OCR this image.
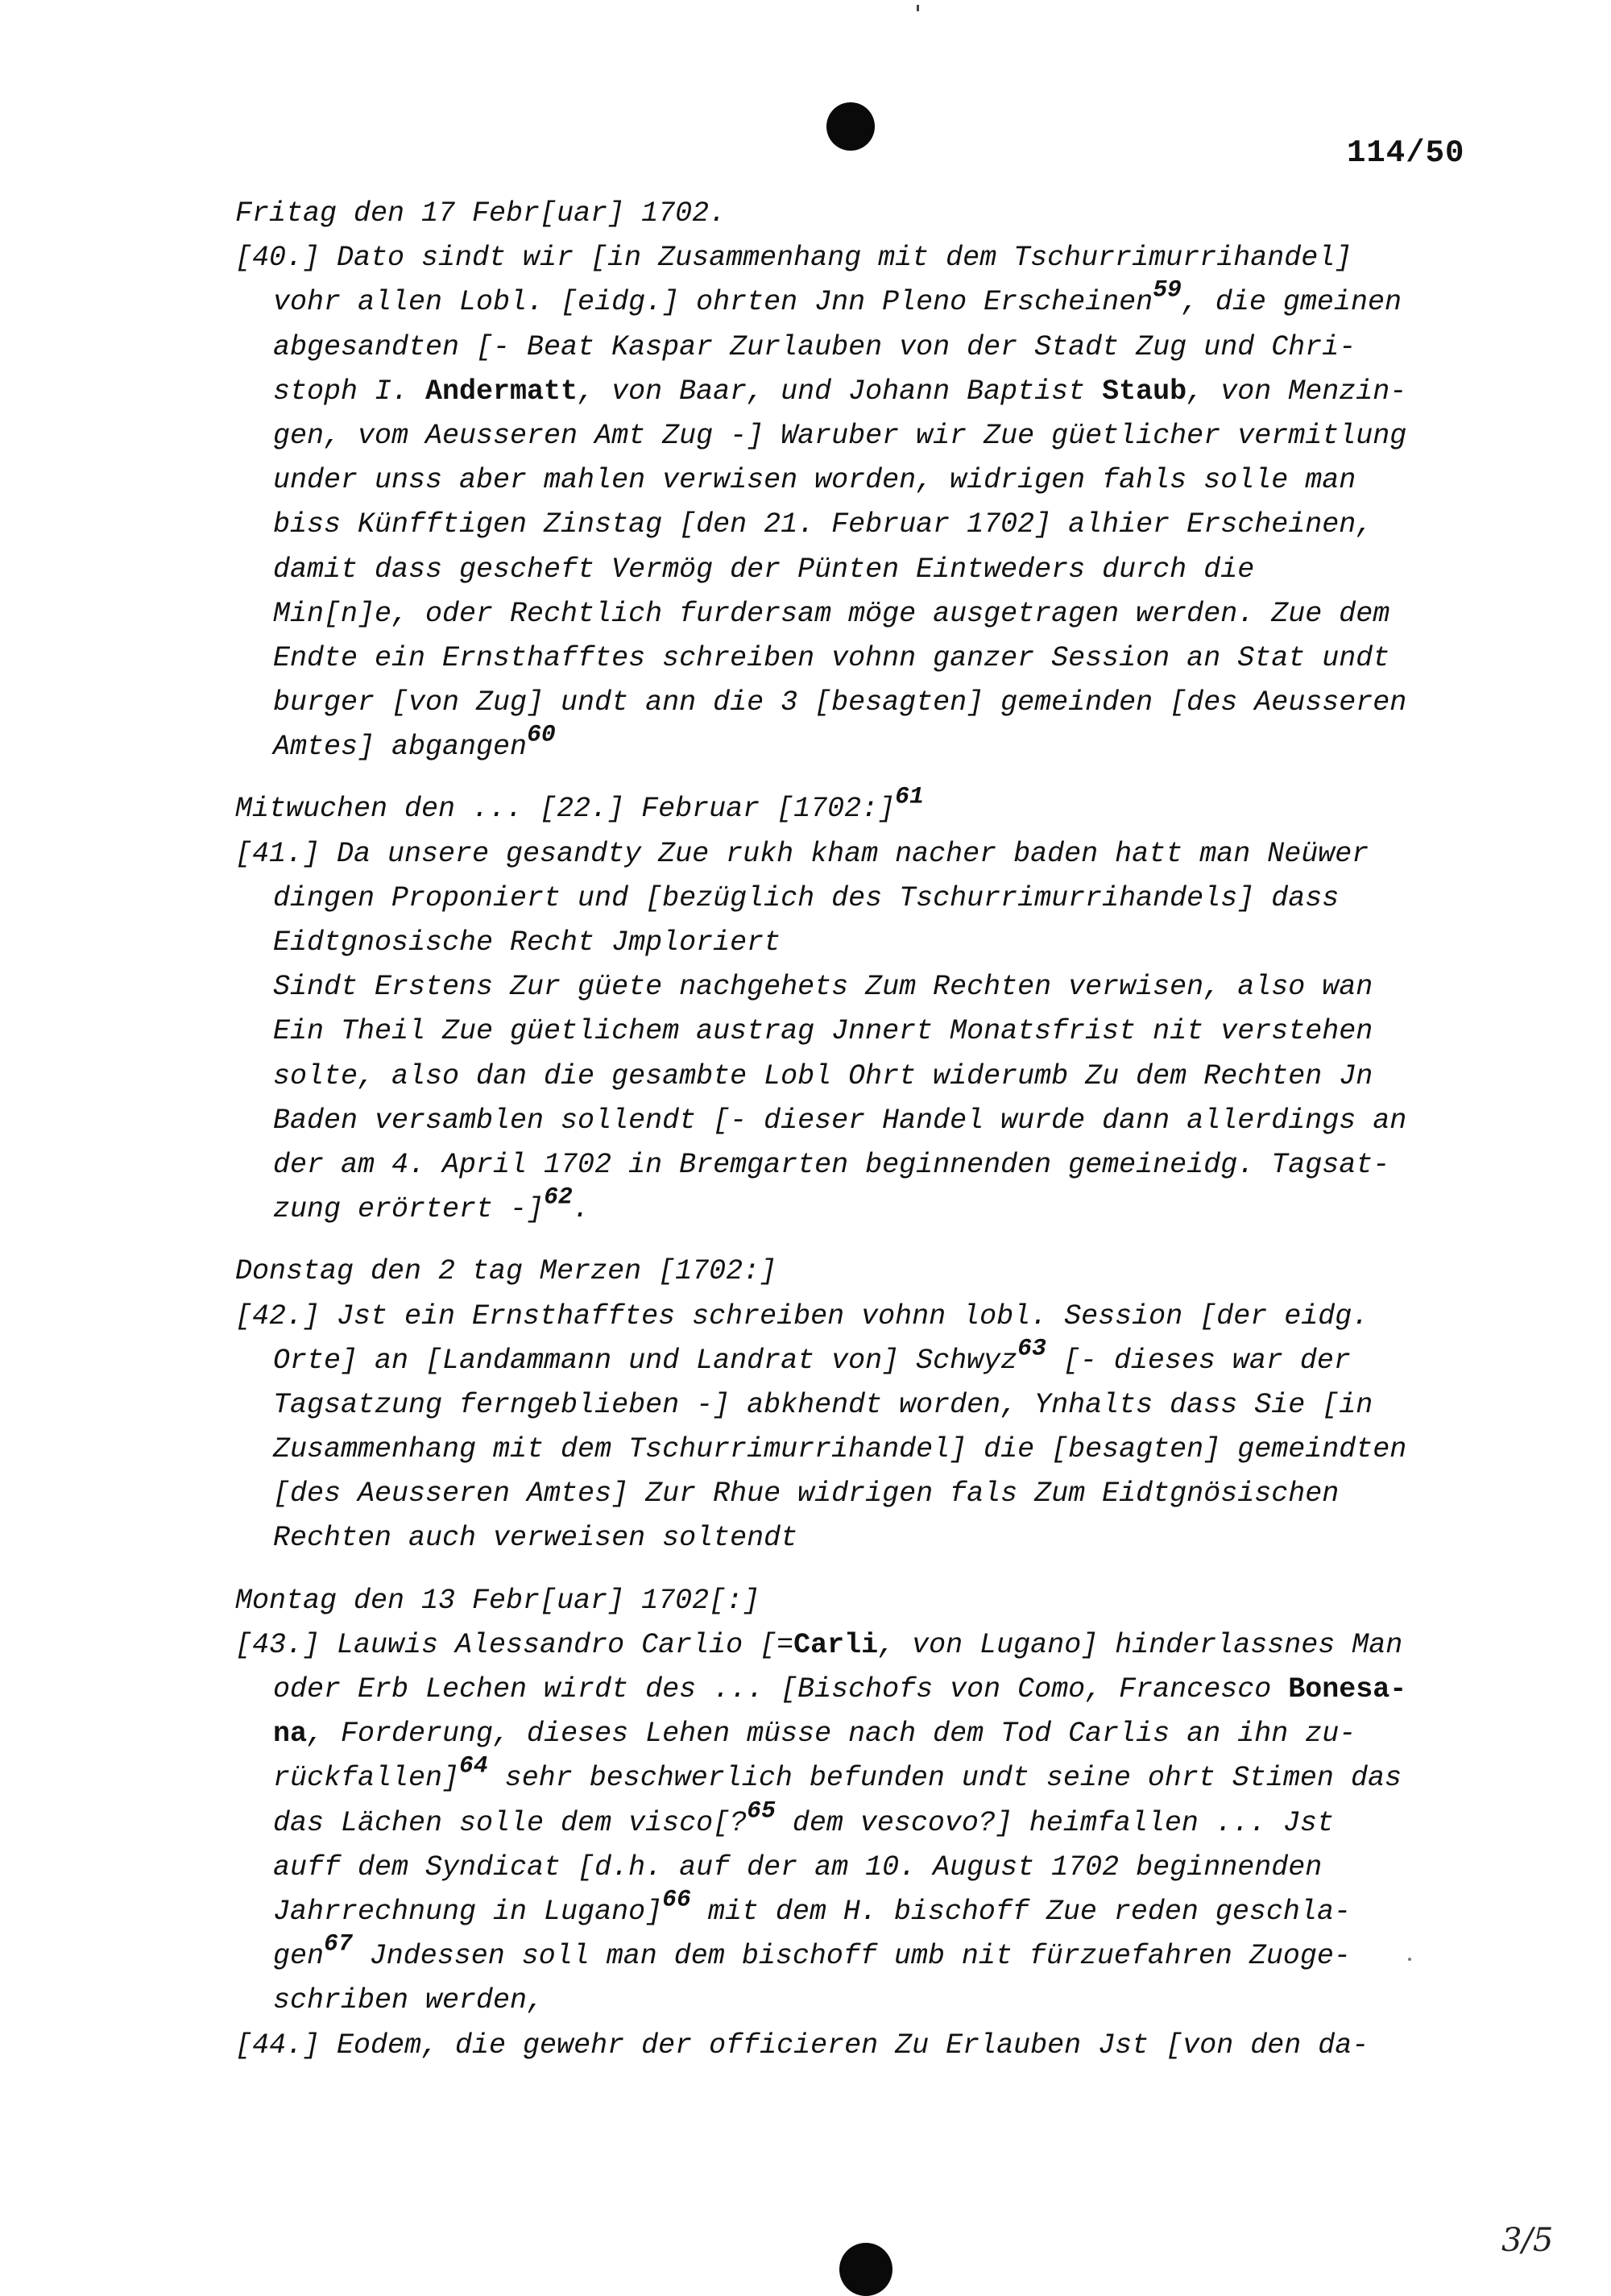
114/50
Fritag den 17 Febr[uar] 1702.
[40.] Dato sindt wir [in Zusammenhang mit dem Tschurrimurrihandel]
vohr allen Lobl. [eidg.] ohrten Jnn Pleno Erscheinen$^{59}$, die gmeinen
abgesandten [- Beat Kaspar Zurlauben von der Stadt Zug und Chri-
stoph I. Andermatt, von Baar, und Johann Baptist Staub, von Menzin-
gen, vom Aeusseren Amt Zug -] Waruber wir Zue güetlicher vermitlung
under unss aber mahlen verwisen worden, widrigen fahls solle man
biss Künfftigen Zinstag [den 21. Februar 1702] alhier Erscheinen,
damit dass gescheft Vermög der Pünten Eintweders durch die
Min[n]e, oder Rechtlich furdersam möge ausgetragen werden. Zue dem
Endte ein Ernsthafftes schreiben vohnn ganzer Session an Stat undt
burger [von Zug] undt ann die 3 [besagten] gemeinden [des Aeusseren
Amtes] abgangen$^{60}$
Mitwuchen den ... [22.] Februar [1702:]$^{61}$
[41.] Da unsere gesandty Zue rukh kham nacher baden hatt man Neüwer
dingen Proponiert und [bezüglich des Tschurrimurrihandels] dass
Eidtgnosische Recht Jmploriert
Sindt Erstens Zur güete nachgehets Zum Rechten verwisen, also wan
Ein Theil Zue güetlichem austrag Jnnert Monatsfrist nit verstehen
solte, also dan die gesambte Lobl Ohrt widerumb Zu dem Rechten Jn
Baden versamblen sollendt [- dieser Handel wurde dann allerdings an
der am 4. April 1702 in Bremgarten beginnenden gemeineidg. Tagsat-
zung erörtert -]$^{62}$.
Donstag den 2 tag Merzen [1702:]
[42.] Jst ein Ernsthafftes schreiben vohnn lobl. Session [der eidg.
Orte] an [Landammann und Landrat von] Schwyz$^{63}$ [- dieses war der
Tagsatzung ferngeblieben -] abkhendt worden, Ynhalts dass Sie [in
Zusammenhang mit dem Tschurrimurrihandel] die [besagten] gemeindten
[des Aeusseren Amtes] Zur Rhue widrigen fals Zum Eidtgnösischen
Rechten auch verweisen soltendt
Montag den 13 Febr[uar] 1702[:]
[43.] Lauwis Alessandro Carlio [=Carli, von Lugano] hinderlassnes Man
oder Erb Lechen wirdt des ... [Bischofs von Como, Francesco Bonesa-
na, Forderung, dieses Lehen müsse nach dem Tod Carlis an ihn zu-
rückfallen]$^{64}$ sehr beschwerlich befunden undt seine ohrt Stimen das
das Lächen solle dem visco[?$^{65}$ dem vescovo?] heimfallen ... Jst
auff dem Syndicat [d.h. auf der am 10. August 1702 beginnenden
Jahrrechnung in Lugano]$^{66}$ mit dem H. bischoff Zue reden geschla-
gen$^{67}$ Jndessen soll man dem bischoff umb nit fürzuefahren Zuoge-
schriben werden,
[44.] Eodem, die gewehr der officieren Zu Erlauben Jst [von den da-
3/5
